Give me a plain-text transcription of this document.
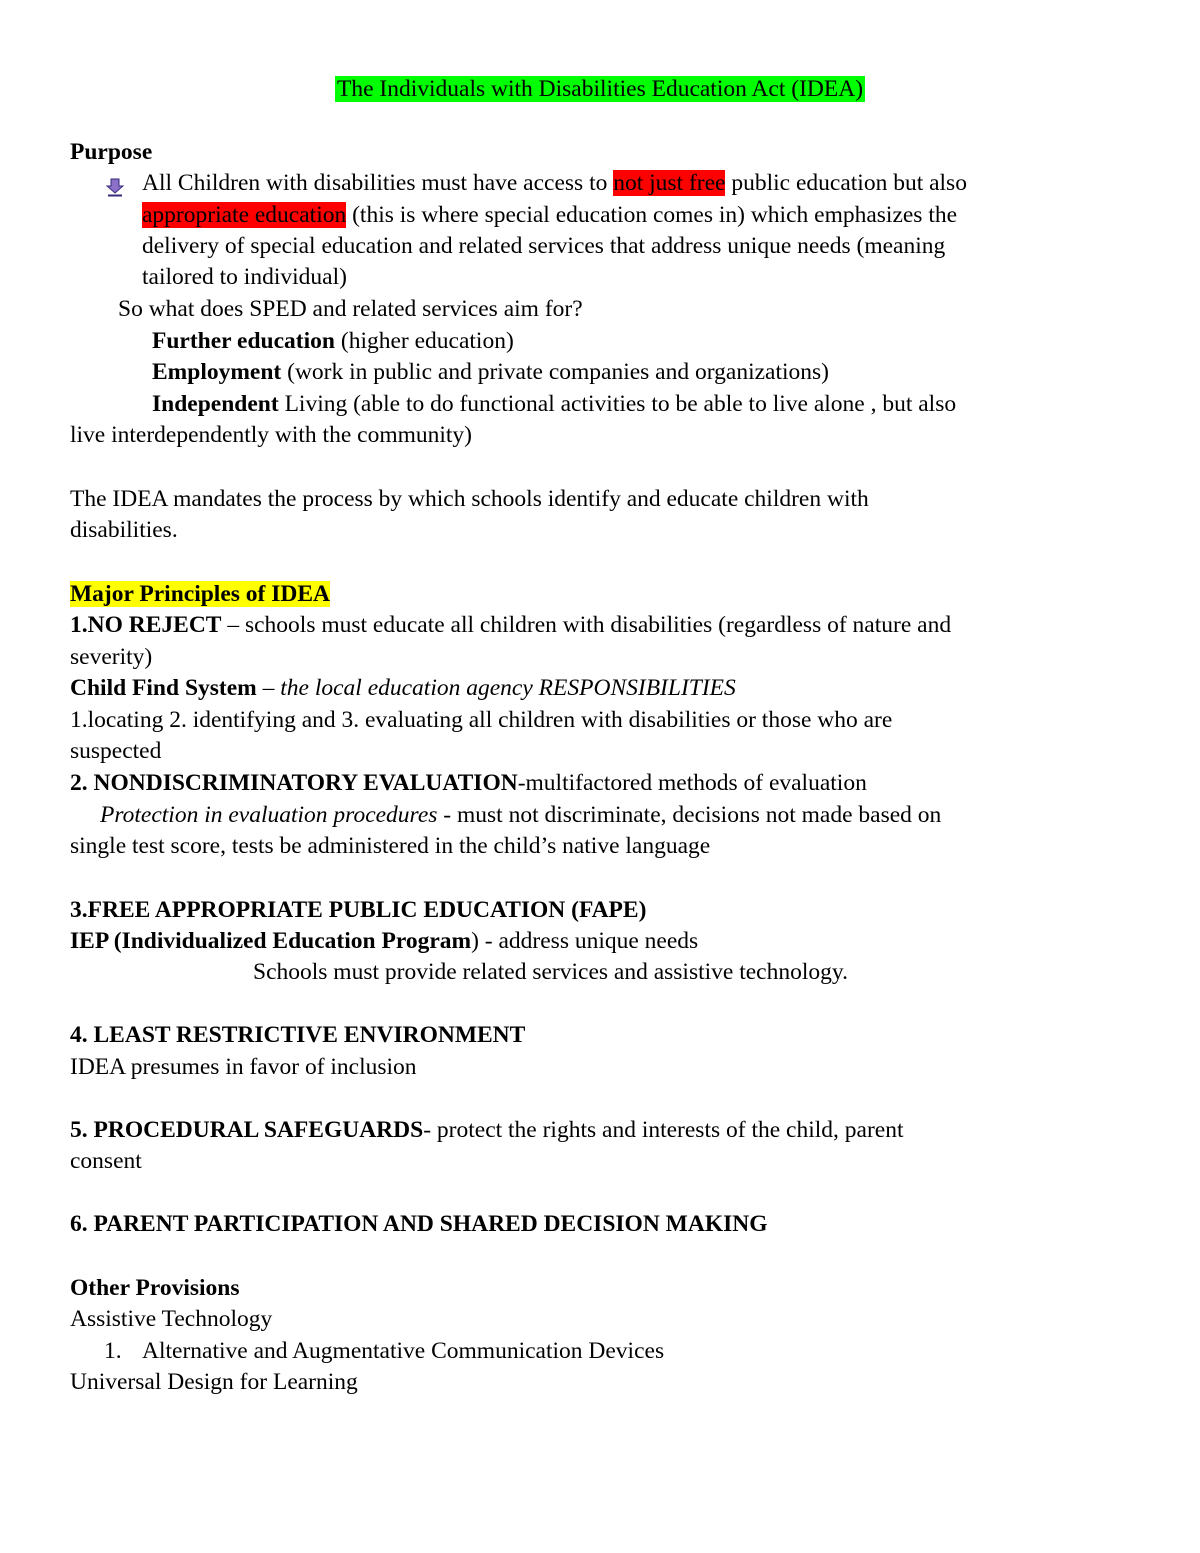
The Individuals with Disabilities Education Act (IDEA)
Purpose
All Children with disabilities must have access to not just free public education but also
appropriate education (this is where special education comes in) which emphasizes the
delivery of special education and related services that address unique needs (meaning
tailored to individual)
So what does SPED and related services aim for?
Further education (higher education)
Employment (work in public and private companies and organizations)
Independent Living (able to do functional activities to be able to live alone , but also
live interdependently with the community)
The IDEA mandates the process by which schools identify and educate children with
disabilities.
Major Principles of IDEA
1.NO REJECT – schools must educate all children with disabilities (regardless of nature and
severity)
Child Find System – the local education agency RESPONSIBILITIES
1.locating 2. identifying and 3. evaluating all children with disabilities or those who are
suspected
2. NONDISCRIMINATORY EVALUATION-multifactored methods of evaluation
Protection in evaluation procedures - must not discriminate, decisions not made based on
single test score, tests be administered in the child’s native language
3.FREE APPROPRIATE PUBLIC EDUCATION (FAPE)
IEP (Individualized Education Program) - address unique needs
Schools must provide related services and assistive technology.
4. LEAST RESTRICTIVE ENVIRONMENT
IDEA presumes in favor of inclusion
5. PROCEDURAL SAFEGUARDS- protect the rights and interests of the child, parent
consent
6. PARENT PARTICIPATION AND SHARED DECISION MAKING
Other Provisions
Assistive Technology
1. Alternative and Augmentative Communication Devices
Universal Design for Learning
